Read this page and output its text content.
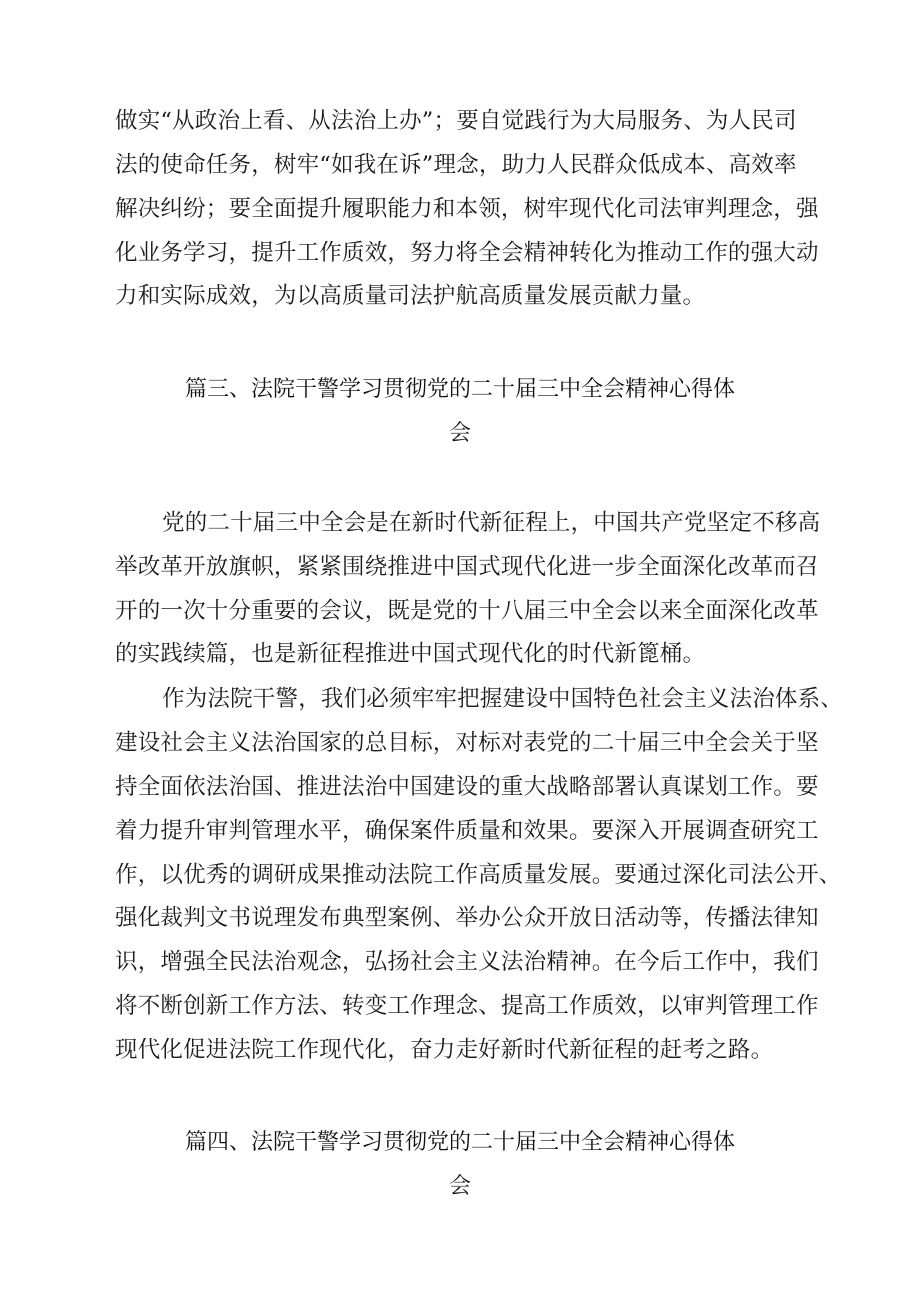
做实“从政治上看、从法治上办”；要自觉践行为大局服务、为人民司
法的使命任务，树牢“如我在诉”理念，助力人民群众低成本、高效率
解决纠纷；要全面提升履职能力和本领，树牢现代化司法审判理念，强
化业务学习，提升工作质效，努力将全会精神转化为推动工作的强大动
力和实际成效，为以高质量司法护航高质量发展贡献力量。
篇三、法院干警学习贯彻党的二十届三中全会精神心得体
会
党的二十届三中全会是在新时代新征程上，中国共产党坚定不移高
举改革开放旗帜，紧紧围绕推进中国式现代化进一步全面深化改革而召
开的一次十分重要的会议，既是党的十八届三中全会以来全面深化改革
的实践续篇，也是新征程推进中国式现代化的时代新篦桶。
作为法院干警，我们必须牢牢把握建设中国特色社会主义法治体系、
建设社会主义法治国家的总目标，对标对表党的二十届三中全会关于坚
持全面依法治国、推进法治中国建设的重大战略部署认真谋划工作。要
着力提升审判管理水平，确保案件质量和效果。要深入开展调查研究工
作，以优秀的调研成果推动法院工作高质量发展。要通过深化司法公开、
强化裁判文书说理发布典型案例、举办公众开放日活动等，传播法律知
识，增强全民法治观念，弘扬社会主义法治精神。在今后工作中，我们
将不断创新工作方法、转变工作理念、提高工作质效，以审判管理工作
现代化促进法院工作现代化，奋力走好新时代新征程的赶考之路。
篇四、法院干警学习贯彻党的二十届三中全会精神心得体
会
